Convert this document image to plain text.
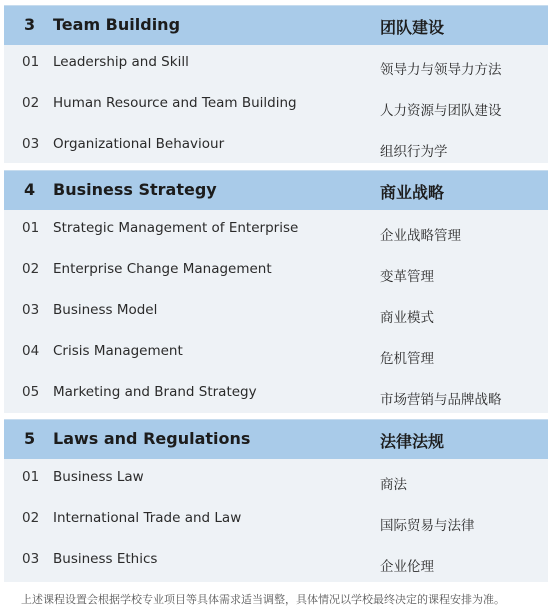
3 Team Building	团队建设
01 Leadership and Skill	领导力与领导力方法
02 Human Resource and Team Building	人力资源与团队建设
03 Organizational Behaviour	组织行为学
4 Business Strategy	商业战略
01 Strategic Management of Enterprise	企业战略管理
02 Enterprise Change Management	变革管理
03 Business Model	商业模式
04 Crisis Management	危机管理
05 Marketing and Brand Strategy	市场营销与品牌战略
5 Laws and Regulations	法律法规
01 Business Law	商法
02 International Trade and Law	国际贸易与法律
03 Business Ethics	企业伦理
上述课程设置会根据学校专业项目等具体需求适当调整，具体情况以学校最终决定的课程安排为准。
